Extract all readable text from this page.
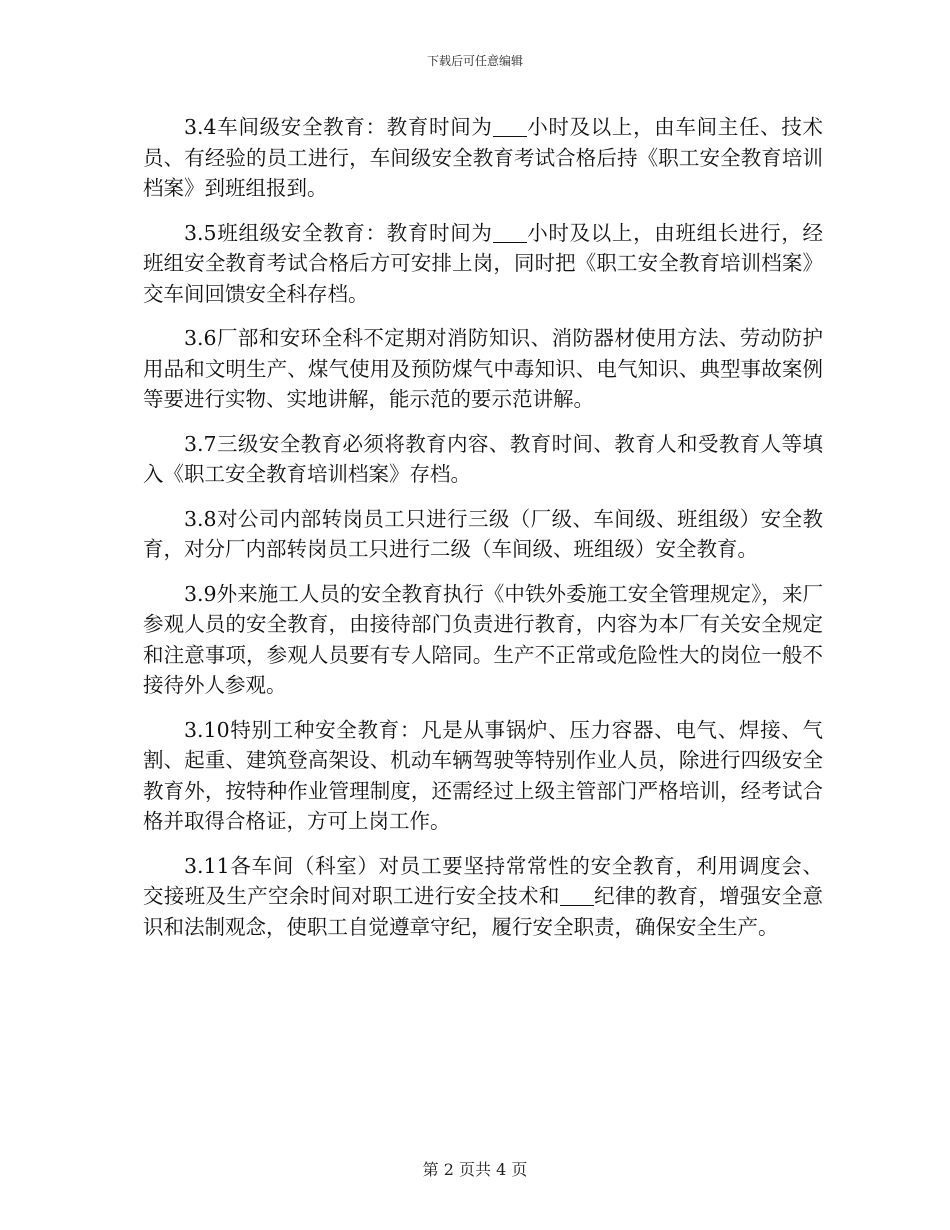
下载后可任意编辑

3.4车间级安全教育：教育时间为 小时及以上，由车间主任、技术员、有经验的员工进行，车间级安全教育考试合格后持《职工安全教育培训档案》到班组报到。

3.5班组级安全教育：教育时间为 小时及以上，由班组长进行，经班组安全教育考试合格后方可安排上岗，同时把《职工安全教育培训档案》交车间回馈安全科存档。

3.6厂部和安环全科不定期对消防知识、消防器材使用方法、劳动防护用品和文明生产、煤气使用及预防煤气中毒知识、电气知识、典型事故案例等要进行实物、实地讲解，能示范的要示范讲解。

3.7三级安全教育必须将教育内容、教育时间、教育人和受教育人等填入《职工安全教育培训档案》存档。

3.8对公司内部转岗员工只进行三级（厂级、车间级、班组级）安全教育，对分厂内部转岗员工只进行二级（车间级、班组级）安全教育。

3.9外来施工人员的安全教育执行《中铁外委施工安全管理规定》，来厂参观人员的安全教育，由接待部门负责进行教育，内容为本厂有关安全规定和注意事项，参观人员要有专人陪同。生产不正常或危险性大的岗位一般不接待外人参观。

3.10特别工种安全教育：凡是从事锅炉、压力容器、电气、焊接、气割、起重、建筑登高架设、机动车辆驾驶等特别作业人员，除进行四级安全教育外，按特种作业管理制度，还需经过上级主管部门严格培训，经考试合格并取得合格证，方可上岗工作。

3.11各车间（科室）对员工要坚持常常性的安全教育，利用调度会、交接班及生产空余时间对职工进行安全技术和 纪律的教育，增强安全意识和法制观念，使职工自觉遵章守纪，履行安全职责，确保安全生产。

第 2 页共 4 页
